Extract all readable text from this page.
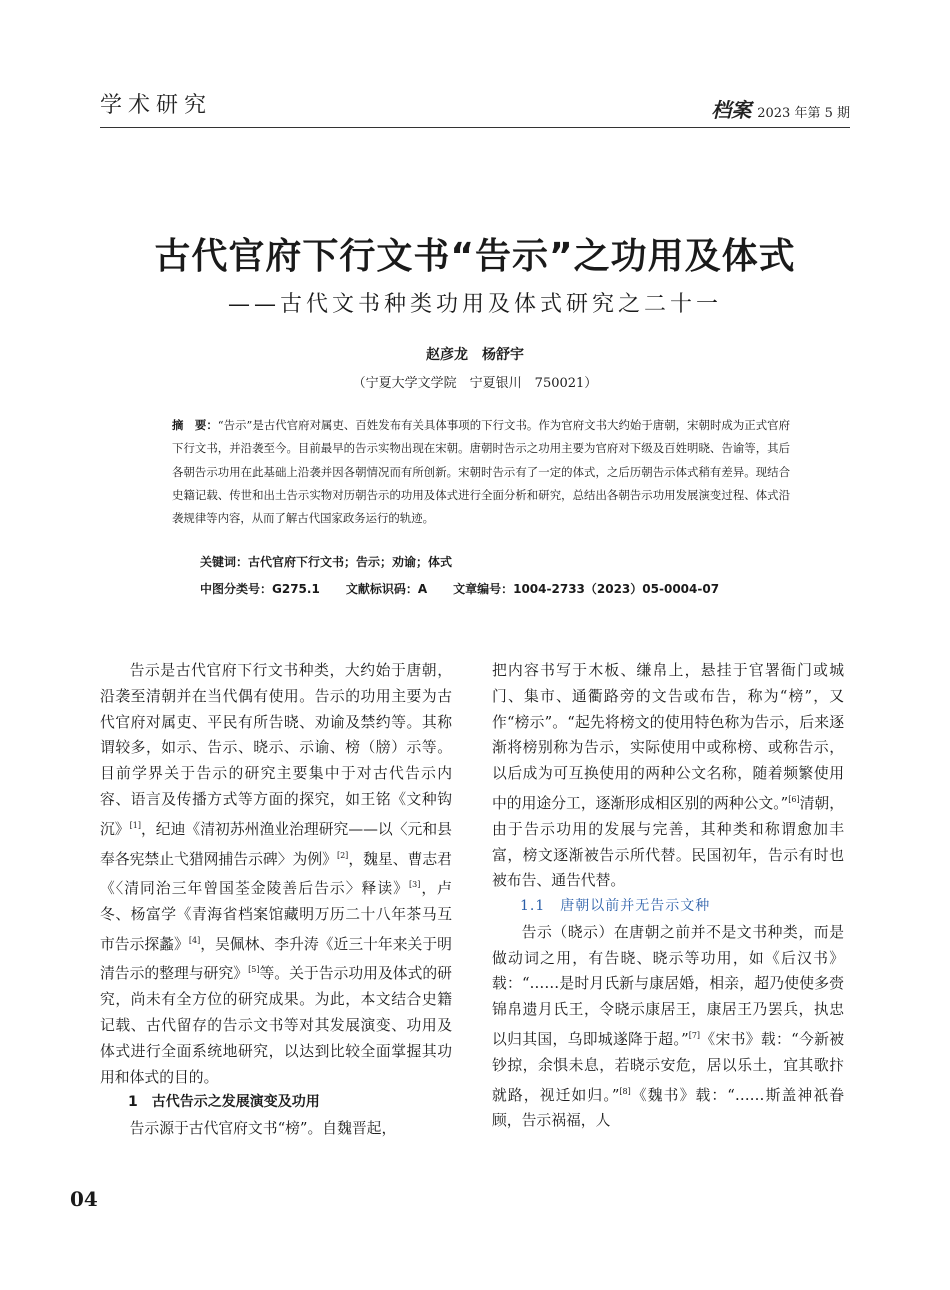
学术研究	档案 2023 年第 5 期
古代官府下行文书“告示”之功用及体式
——古代文书种类功用及体式研究之二十一
赵彦龙　杨舒宇
（宁夏大学文学院　宁夏银川　750021）
摘　要：“告示”是古代官府对属吏、百姓发布有关具体事项的下行文书。作为官府文书大约始于唐朝，宋朝时成为正式官府下行文书，并沿袭至今。目前最早的告示实物出现在宋朝。唐朝时告示之功用主要为官府对下级及百姓明晓、告谕等，其后各朝告示功用在此基础上沿袭并因各朝情况而有所创新。宋朝时告示有了一定的体式，之后历朝告示体式稍有差异。现结合史籍记载、传世和出土告示实物对历朝告示的功用及体式进行全面分析和研究，总结出各朝告示功用发展演变过程、体式沿袭规律等内容，从而了解古代国家政务运行的轨迹。
关键词：古代官府下行文书；告示；劝谕；体式
中图分类号：G275.1 文献标识码：A 文章编号：1004-2733（2023）05-0004-07

告示是古代官府下行文书种类，大约始于唐朝，沿袭至清朝并在当代偶有使用。告示的功用主要为古代官府对属吏、平民有所告晓、劝谕及禁约等。其称谓较多，如示、告示、晓示、示谕、榜（牓）示等。目前学界关于告示的研究主要集中于对古代告示内容、语言及传播方式等方面的探究，如王铭《文种钩沉》[1]，纪迪《清初苏州渔业治理研究——以〈元和县奉各宪禁止弋猎网捕告示碑〉为例》[2]，魏星、曹志君《〈清同治三年曾国荃金陵善后告示〉释读》[3]，卢冬、杨富学《青海省档案馆藏明万历二十八年茶马互市告示探蠡》[4]，吴佩林、李升涛《近三十年来关于明清告示的整理与研究》[5]等。关于告示功用及体式的研究，尚未有全方位的研究成果。为此，本文结合史籍记载、古代留存的告示文书等对其发展演变、功用及体式进行全面系统地研究，以达到比较全面掌握其功用和体式的目的。

1　古代告示之发展演变及功用

告示源于古代官府文书“榜”。自魏晋起，

把内容书写于木板、缣帛上，悬挂于官署衙门或城门、集市、通衢路旁的文告或布告，称为“榜”，又作“榜示”。“起先将榜文的使用特色称为告示，后来逐渐将榜别称为告示，实际使用中或称榜、或称告示，以后成为可互换使用的两种公文名称，随着频繁使用中的用途分工，逐渐形成相区别的两种公文。”[6]清朝，由于告示功用的发展与完善，其种类和称谓愈加丰富，榜文逐渐被告示所代替。民国初年，告示有时也被布告、通告代替。

1.1　唐朝以前并无告示文种

告示（晓示）在唐朝之前并不是文书种类，而是做动词之用，有告晓、晓示等功用，如《后汉书》载：“……是时月氏新与康居婚，相亲，超乃使使多赍锦帛遗月氏王，令晓示康居王，康居王乃罢兵，执忠以归其国，乌即城遂降于超。”[7]《宋书》载：“今新被钞掠，余惧未息，若晓示安危，居以乐土，宜其歌抃就路，视迁如归。”[8]《魏书》载：“……斯盖神祇眷顾，告示祸福，人

04
